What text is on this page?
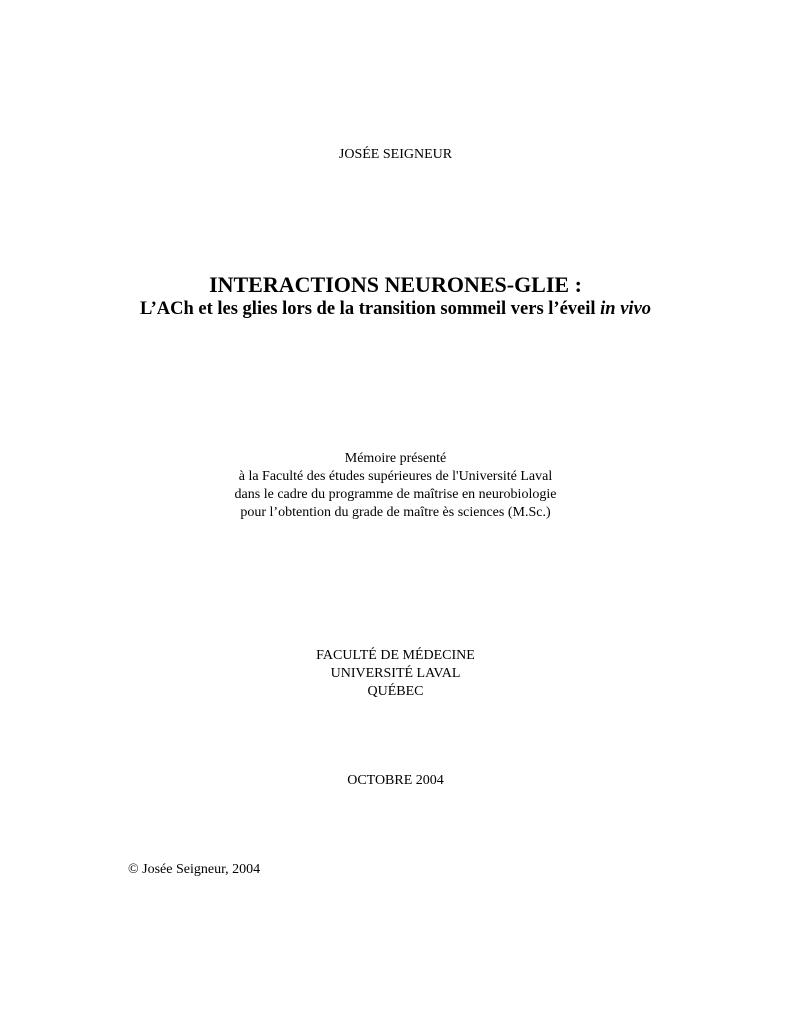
JOSÉE SEIGNEUR
INTERACTIONS NEURONES-GLIE :
L’ACh et les glies lors de la transition sommeil vers l’éveil in vivo
Mémoire présenté
à la Faculté des études supérieures de l'Université Laval
dans le cadre du programme de maîtrise en neurobiologie
pour l’obtention du grade de maître ès sciences (M.Sc.)
FACULTÉ DE MÉDECINE
UNIVERSITÉ LAVAL
QUÉBEC
OCTOBRE 2004
© Josée Seigneur, 2004
